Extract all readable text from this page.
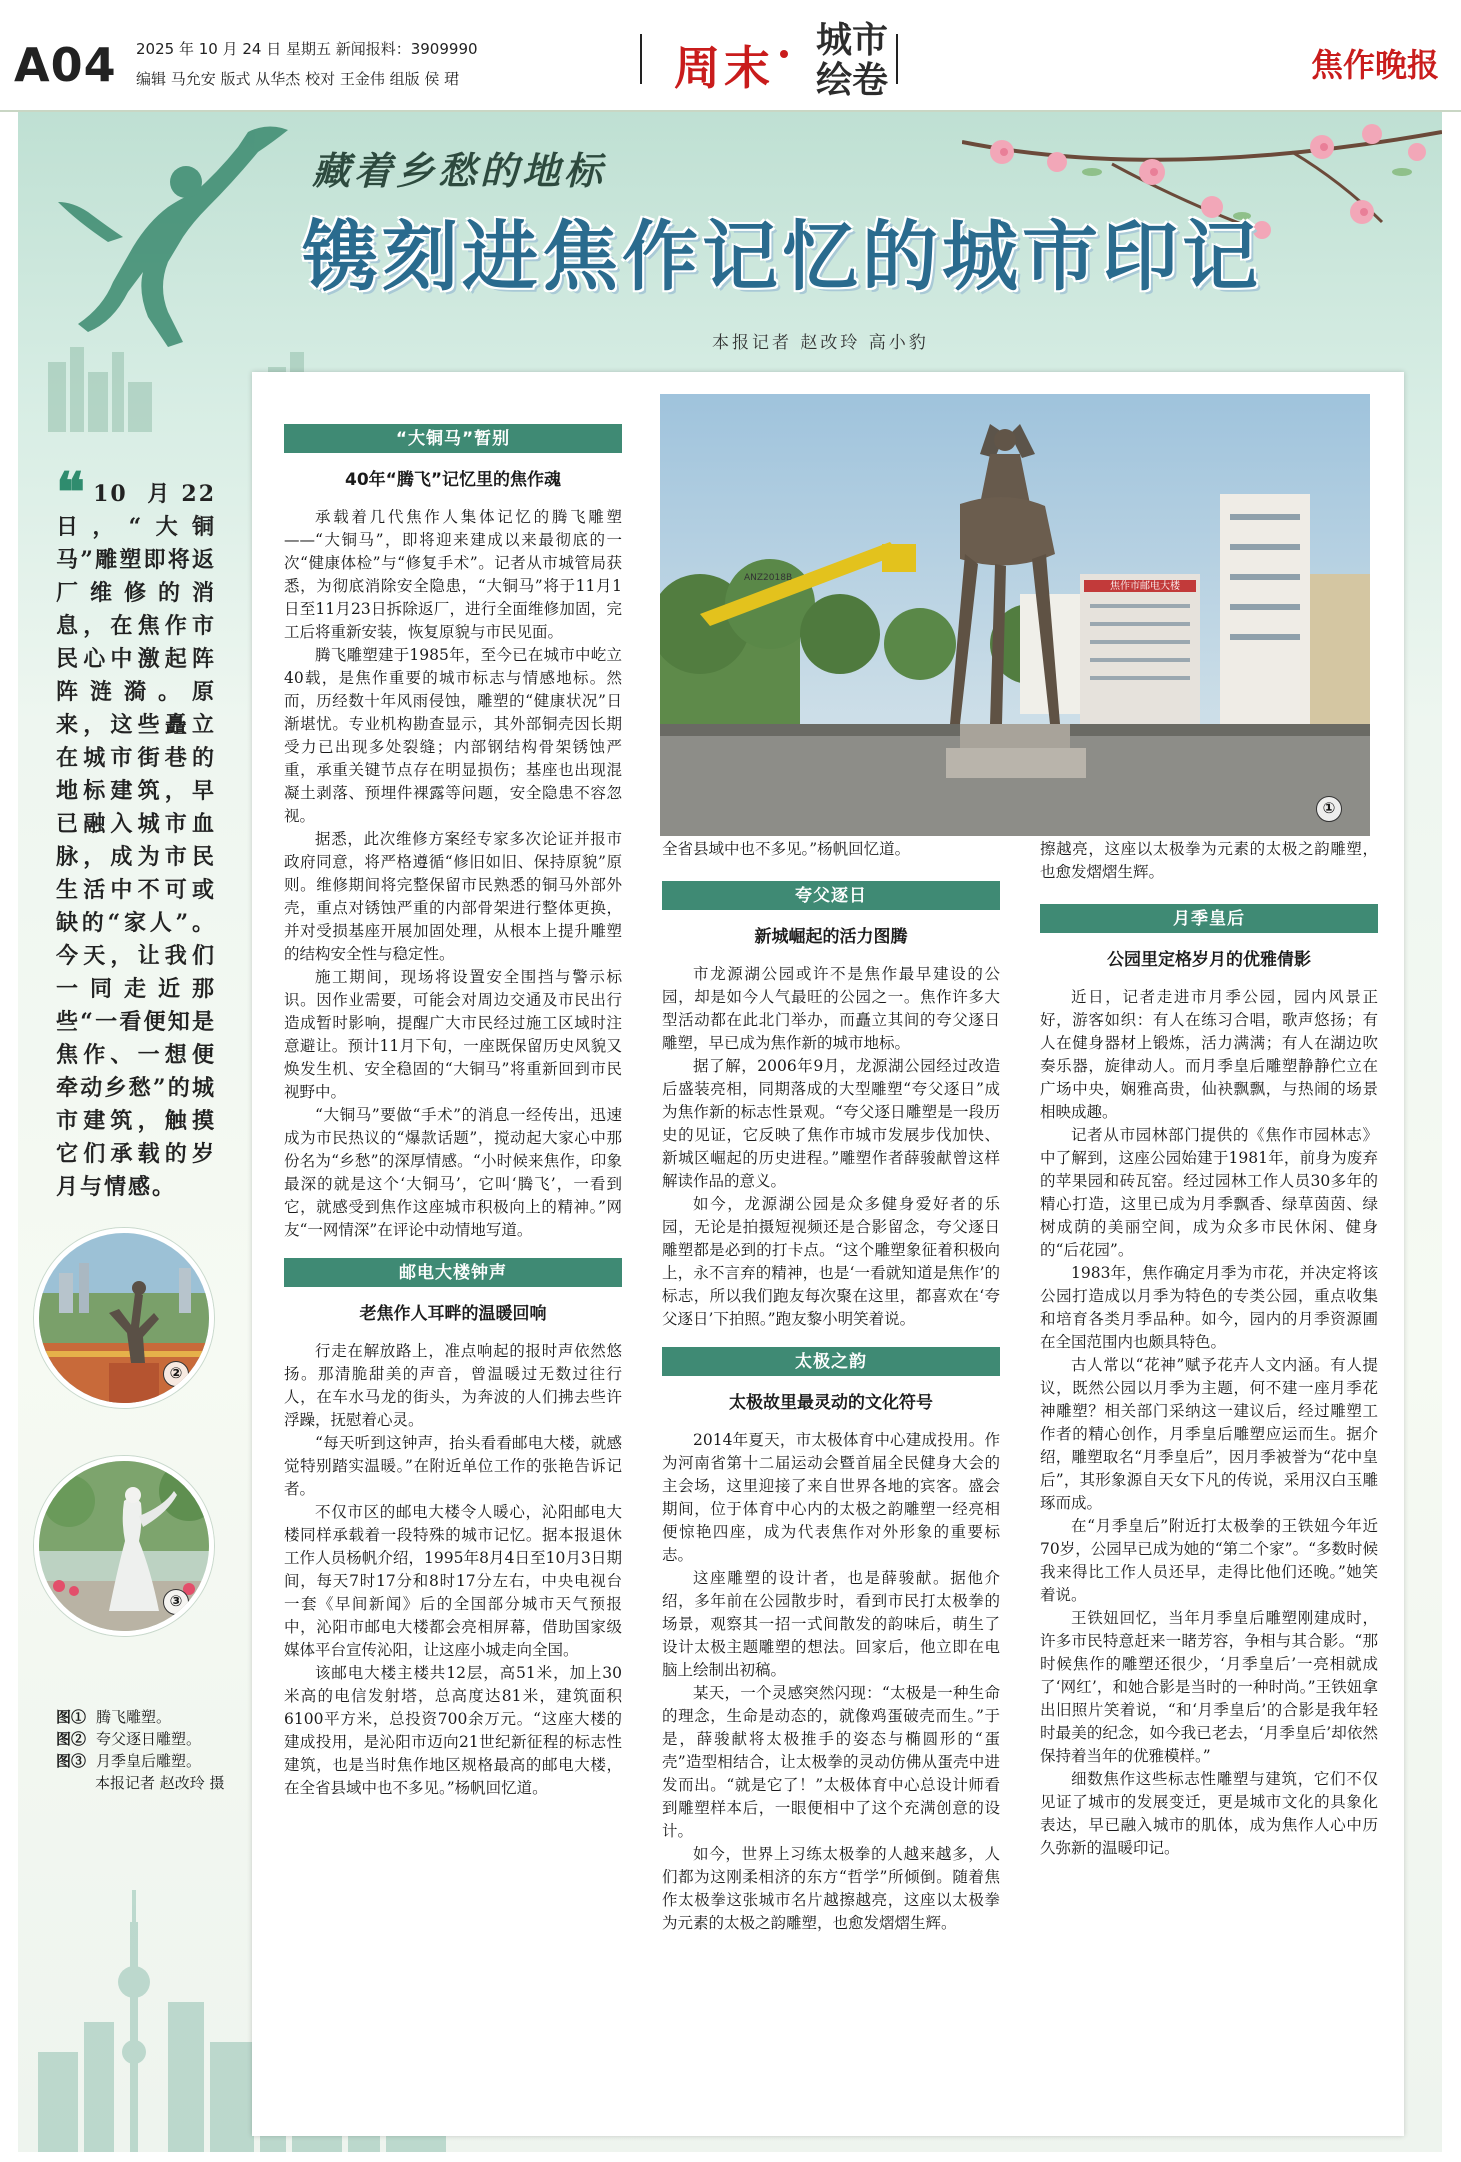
A04 2025 年 10 月 24 日 星期五 新闻报料：3909990
编辑 马允安 版式 从华杰 校对 王金伟 组版 侯 珺	周末
城市
绘卷	焦作晚报
藏着乡愁的地标
镌刻进焦作记忆的城市印记
本报记者 赵改玲 高小豹
❝ 10 月22 日，“大铜马”雕塑即将返厂维修的消息，在焦作市民心中激起阵阵涟漪。原来，这些矗立在城市街巷的地标建筑，早已融入城市血脉，成为市民生活中不可或缺的“家人”。今天，让我们一同走近那些“一看便知是焦作、一想便牵动乡愁”的城市建筑，触摸它们承载的岁月与情感。
②
③
图① 腾飞雕塑。
图② 夸父逐日雕塑。
图③ 月季皇后雕塑。
本报记者 赵改玲 摄
“大铜马”暂别
40年“腾飞”记忆里的焦作魂

承载着几代焦作人集体记忆的腾飞雕塑——“大铜马”，即将迎来建成以来最彻底的一次“健康体检”与“修复手术”。记者从市城管局获悉，为彻底消除安全隐患，“大铜马”将于11月1日至11月23日拆除返厂，进行全面维修加固，完工后将重新安装，恢复原貌与市民见面。

腾飞雕塑建于1985年，至今已在城市中屹立40载，是焦作重要的城市标志与情感地标。然而，历经数十年风雨侵蚀，雕塑的“健康状况”日渐堪忧。专业机构勘查显示，其外部铜壳因长期受力已出现多处裂缝；内部钢结构骨架锈蚀严重，承重关键节点存在明显损伤；基座也出现混凝土剥落、预埋件裸露等问题，安全隐患不容忽视。

据悉，此次维修方案经专家多次论证并报市政府同意，将严格遵循“修旧如旧、保持原貌”原则。维修期间将完整保留市民熟悉的铜马外部外壳，重点对锈蚀严重的内部骨架进行整体更换，并对受损基座开展加固处理，从根本上提升雕塑的结构安全性与稳定性。

施工期间，现场将设置安全围挡与警示标识。因作业需要，可能会对周边交通及市民出行造成暂时影响，提醒广大市民经过施工区域时注意避让。预计11月下旬，一座既保留历史风貌又焕发生机、安全稳固的“大铜马”将重新回到市民视野中。

“大铜马”要做“手术”的消息一经传出，迅速成为市民热议的“爆款话题”，搅动起大家心中那份名为“乡愁”的深厚情感。“小时候来焦作，印象最深的就是这个‘大铜马’，它叫‘腾飞’，一看到它，就感受到焦作这座城市积极向上的精神。”网友“一网情深”在评论中动情地写道。

邮电大楼钟声
老焦作人耳畔的温暖回响

行走在解放路上，准点响起的报时声依然悠扬。那清脆甜美的声音，曾温暖过无数过往行人，在车水马龙的街头，为奔波的人们拂去些许浮躁，抚慰着心灵。

“每天听到这钟声，抬头看看邮电大楼，就感觉特别踏实温暖。”在附近单位工作的张艳告诉记者。

不仅市区的邮电大楼令人暖心，沁阳邮电大楼同样承载着一段特殊的城市记忆。据本报退休工作人员杨帆介绍，1995年8月4日至10月3日期间，每天7时17分和8时17分左右，中央电视台一套《早间新闻》后的全国部分城市天气预报中，沁阳市邮电大楼都会亮相屏幕，借助国家级媒体平台宣传沁阳，让这座小城走向全国。

该邮电大楼主楼共12层，高51米，加上30米高的电信发射塔，总高度达81米，建筑面积6100平方米，总投资700余万元。“这座大楼的建成投用，是沁阳市迈向21世纪新征程的标志性建筑，也是当时焦作地区规格最高的邮电大楼，在全省县域中也不多见。”杨帆回忆道。

焦作市邮电大楼
ANZ2018B
①
全省县域中也不多见。”杨帆回忆道。
夸父逐日
新城崛起的活力图腾

市龙源湖公园或许不是焦作最早建设的公园，却是如今人气最旺的公园之一。焦作许多大型活动都在此北门举办，而矗立其间的夸父逐日雕塑，早已成为焦作新的城市地标。

据了解，2006年9月，龙源湖公园经过改造后盛装亮相，同期落成的大型雕塑“夸父逐日”成为焦作新的标志性景观。“夸父逐日雕塑是一段历史的见证，它反映了焦作市城市发展步伐加快、新城区崛起的历史进程。”雕塑作者薛骏献曾这样解读作品的意义。

如今，龙源湖公园是众多健身爱好者的乐园，无论是拍摄短视频还是合影留念，夸父逐日雕塑都是必到的打卡点。“这个雕塑象征着积极向上，永不言弃的精神，也是‘一看就知道是焦作’的标志，所以我们跑友每次聚在这里，都喜欢在‘夸父逐日’下拍照。”跑友黎小明笑着说。

太极之韵
太极故里最灵动的文化符号

2014年夏天，市太极体育中心建成投用。作为河南省第十二届运动会暨首届全民健身大会的主会场，这里迎接了来自世界各地的宾客。盛会期间，位于体育中心内的太极之韵雕塑一经亮相便惊艳四座，成为代表焦作对外形象的重要标志。

这座雕塑的设计者，也是薛骏献。据他介绍，多年前在公园散步时，看到市民打太极拳的场景，观察其一招一式间散发的韵味后，萌生了设计太极主题雕塑的想法。回家后，他立即在电脑上绘制出初稿。

某天，一个灵感突然闪现：“太极是一种生命的理念，生命是动态的，就像鸡蛋破壳而生。”于是，薛骏献将太极推手的姿态与椭圆形的“蛋壳”造型相结合，让太极拳的灵动仿佛从蛋壳中进发而出。“就是它了！”太极体育中心总设计师看到雕塑样本后，一眼便相中了这个充满创意的设计。

如今，世界上习练太极拳的人越来越多，人们都为这刚柔相济的东方“哲学”所倾倒。随着焦作太极拳这张城市名片越擦越亮，这座以太极拳为元素的太极之韵雕塑，也愈发熠熠生辉。

擦越亮，这座以太极拳为元素的太极之韵雕塑，也愈发熠熠生辉。
月季皇后
公园里定格岁月的优雅倩影

近日，记者走进市月季公园，园内风景正好，游客如织：有人在练习合唱，歌声悠扬；有人在健身器材上锻炼，活力满满；有人在湖边吹奏乐器，旋律动人。而月季皇后雕塑静静伫立在广场中央，娴雅高贵，仙袂飘飘，与热闹的场景相映成趣。

记者从市园林部门提供的《焦作市园林志》中了解到，这座公园始建于1981年，前身为废弃的苹果园和砖瓦窑。经过园林工作人员30多年的精心打造，这里已成为月季飘香、绿草茵茵、绿树成荫的美丽空间，成为众多市民休闲、健身的“后花园”。

1983年，焦作确定月季为市花，并决定将该公园打造成以月季为特色的专类公园，重点收集和培育各类月季品种。如今，园内的月季资源圃在全国范围内也颇具特色。

古人常以“花神”赋予花卉人文内涵。有人提议，既然公园以月季为主题，何不建一座月季花神雕塑？相关部门采纳这一建议后，经过雕塑工作者的精心创作，月季皇后雕塑应运而生。据介绍，雕塑取名“月季皇后”，因月季被誉为“花中皇后”，其形象源自天女下凡的传说，采用汉白玉雕琢而成。

在“月季皇后”附近打太极拳的王铁妞今年近70岁，公园早已成为她的“第二个家”。“多数时候我来得比工作人员还早，走得比他们还晚。”她笑着说。

王铁妞回忆，当年月季皇后雕塑刚建成时，许多市民特意赶来一睹芳容，争相与其合影。“那时候焦作的雕塑还很少，‘月季皇后’一亮相就成了‘网红’，和她合影是当时的一种时尚。”王铁妞拿出旧照片笑着说，“和‘月季皇后’的合影是我年轻时最美的纪念，如今我已老去，‘月季皇后’却依然保持着当年的优雅模样。”

细数焦作这些标志性雕塑与建筑，它们不仅见证了城市的发展变迁，更是城市文化的具象化表达，早已融入城市的肌体，成为焦作人心中历久弥新的温暖印记。
